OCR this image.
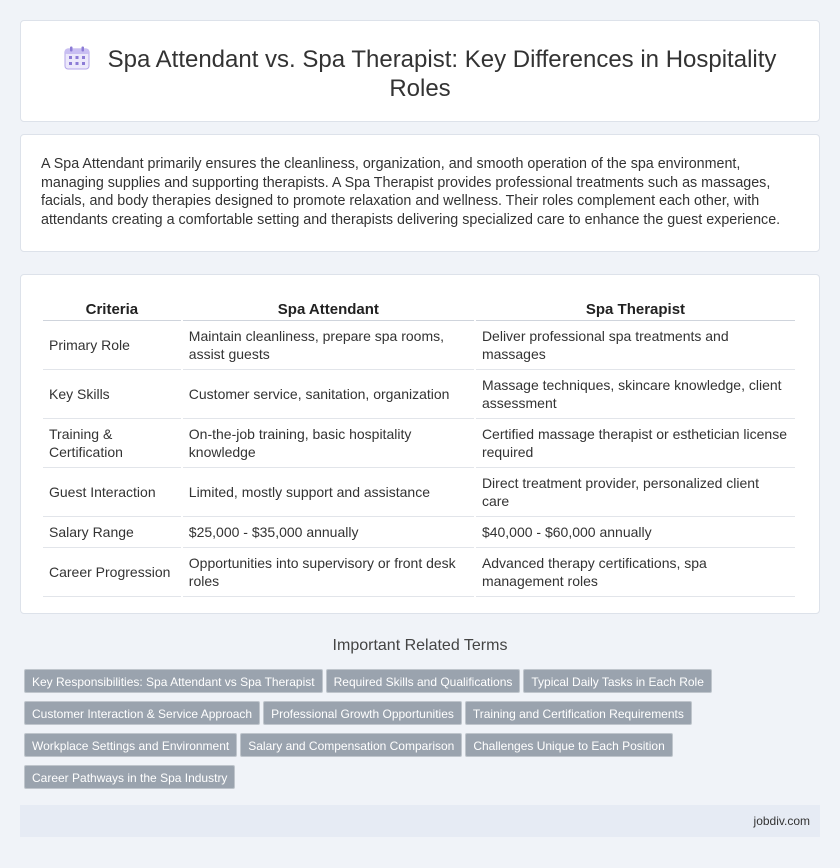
Spa Attendant vs. Spa Therapist: Key Differences in Hospitality
Roles

A Spa Attendant primarily ensures the cleanliness, organization, and smooth operation of the spa environment, managing supplies and supporting therapists. A Spa Therapist provides professional treatments such as massages, facials, and body therapies designed to promote relaxation and wellness. Their roles complement each other, with attendants creating a comfortable setting and therapists delivering specialized care to enhance the guest experience.

Criteria	Spa Attendant	Spa Therapist
Primary Role	Maintain cleanliness, prepare spa rooms, assist guests	Deliver professional spa treatments and massages
Key Skills	Customer service, sanitation, organization	Massage techniques, skincare knowledge, client assessment
Training & Certification	On-the-job training, basic hospitality knowledge	Certified massage therapist or esthetician license required
Guest Interaction	Limited, mostly support and assistance	Direct treatment provider, personalized client care
Salary Range	$25,000 - $35,000 annually	$40,000 - $60,000 annually
Career Progression	Opportunities into supervisory or front desk roles	Advanced therapy certifications, spa management roles
Important Related Terms
Key Responsibilities: Spa Attendant vs Spa Therapist Required Skills and Qualifications Typical Daily Tasks in Each Role
Customer Interaction & Service Approach Professional Growth Opportunities Training and Certification Requirements
Workplace Settings and Environment Salary and Compensation Comparison Challenges Unique to Each Position
Career Pathways in the Spa Industry
jobdiv.com
